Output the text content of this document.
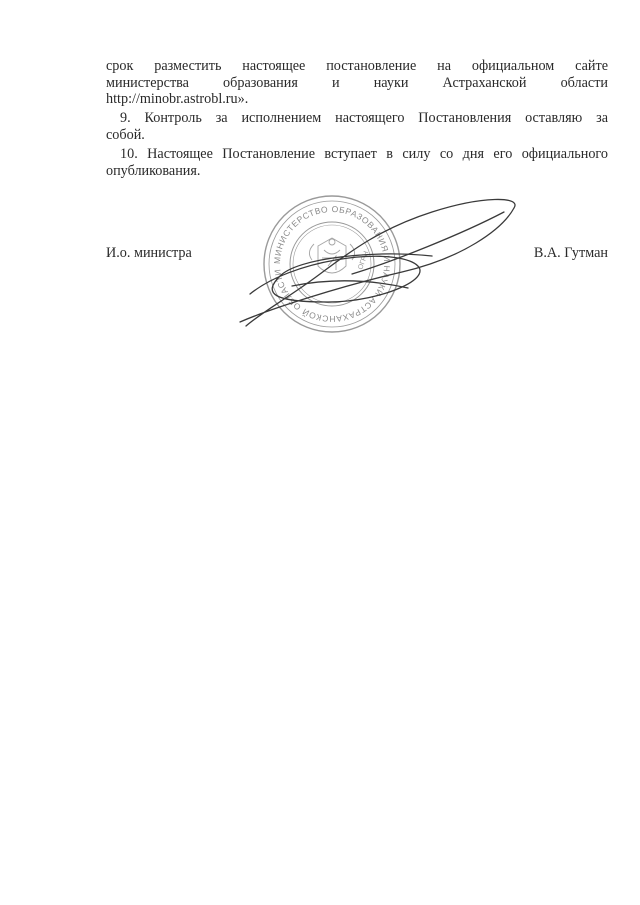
срок разместить настоящее постановление на официальном сайте
министерства образования и науки Астраханской области
http://minobr.astrobl.ru».
9. Контроль за исполнением настоящего Постановления оставляю за
собой.
10. Настоящее Постановление вступает в силу со дня его официального
опубликования.
МИНИСТЕРСТВО ОБРАЗОВАНИЯ И НАУКИ АСТРАХАНСКОЙ ОБЛАСТИ
ОГРН
И.о. министра	В.А. Гутман
